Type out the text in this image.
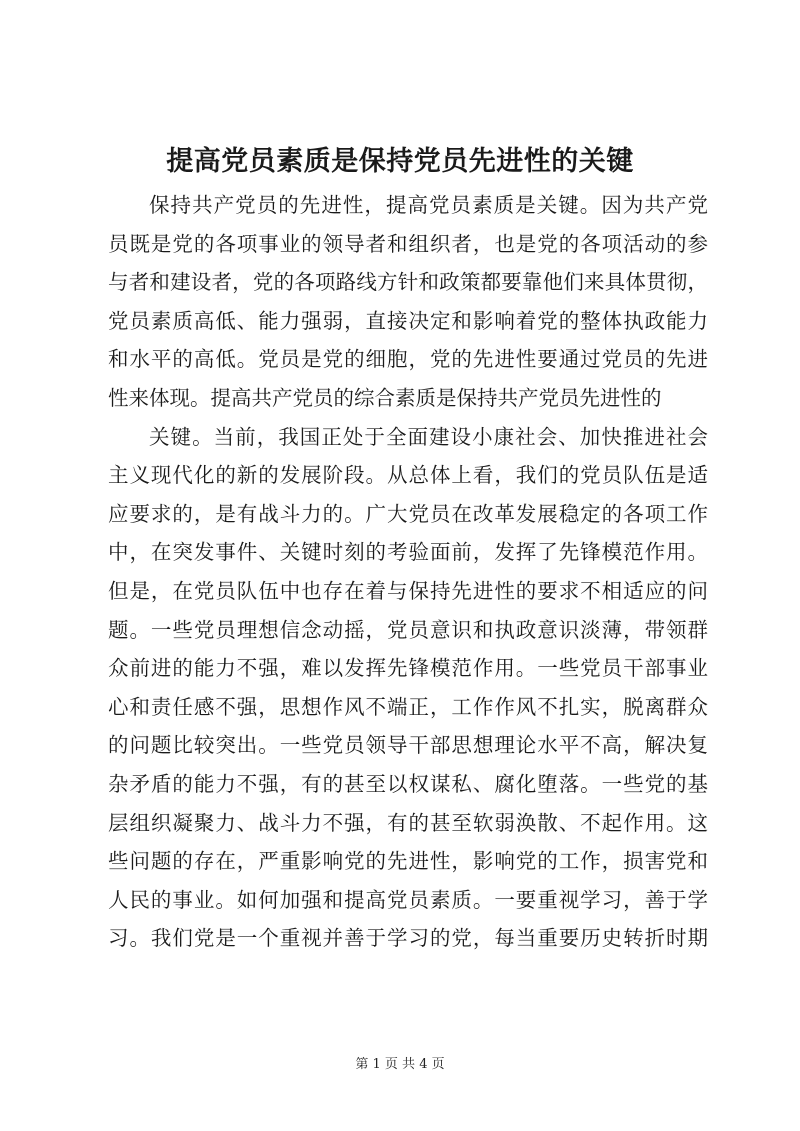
提高党员素质是保持党员先进性的关键
保持共产党员的先进性，提高党员素质是关键。因为共产党
员既是党的各项事业的领导者和组织者，也是党的各项活动的参
与者和建设者，党的各项路线方针和政策都要靠他们来具体贯彻，
党员素质高低、能力强弱，直接决定和影响着党的整体执政能力
和水平的高低。党员是党的细胞，党的先进性要通过党员的先进
性来体现。提高共产党员的综合素质是保持共产党员先进性的
关键。当前，我国正处于全面建设小康社会、加快推进社会
主义现代化的新的发展阶段。从总体上看，我们的党员队伍是适
应要求的，是有战斗力的。广大党员在改革发展稳定的各项工作
中，在突发事件、关键时刻的考验面前，发挥了先锋模范作用。
但是，在党员队伍中也存在着与保持先进性的要求不相适应的问
题。一些党员理想信念动摇，党员意识和执政意识淡薄，带领群
众前进的能力不强，难以发挥先锋模范作用。一些党员干部事业
心和责任感不强，思想作风不端正，工作作风不扎实，脱离群众
的问题比较突出。一些党员领导干部思想理论水平不高，解决复
杂矛盾的能力不强，有的甚至以权谋私、腐化堕落。一些党的基
层组织凝聚力、战斗力不强，有的甚至软弱涣散、不起作用。这
些问题的存在，严重影响党的先进性，影响党的工作，损害党和
人民的事业。如何加强和提高党员素质。一要重视学习，善于学
习。我们党是一个重视并善于学习的党，每当重要历史转折时期
第 1 页 共 4 页
